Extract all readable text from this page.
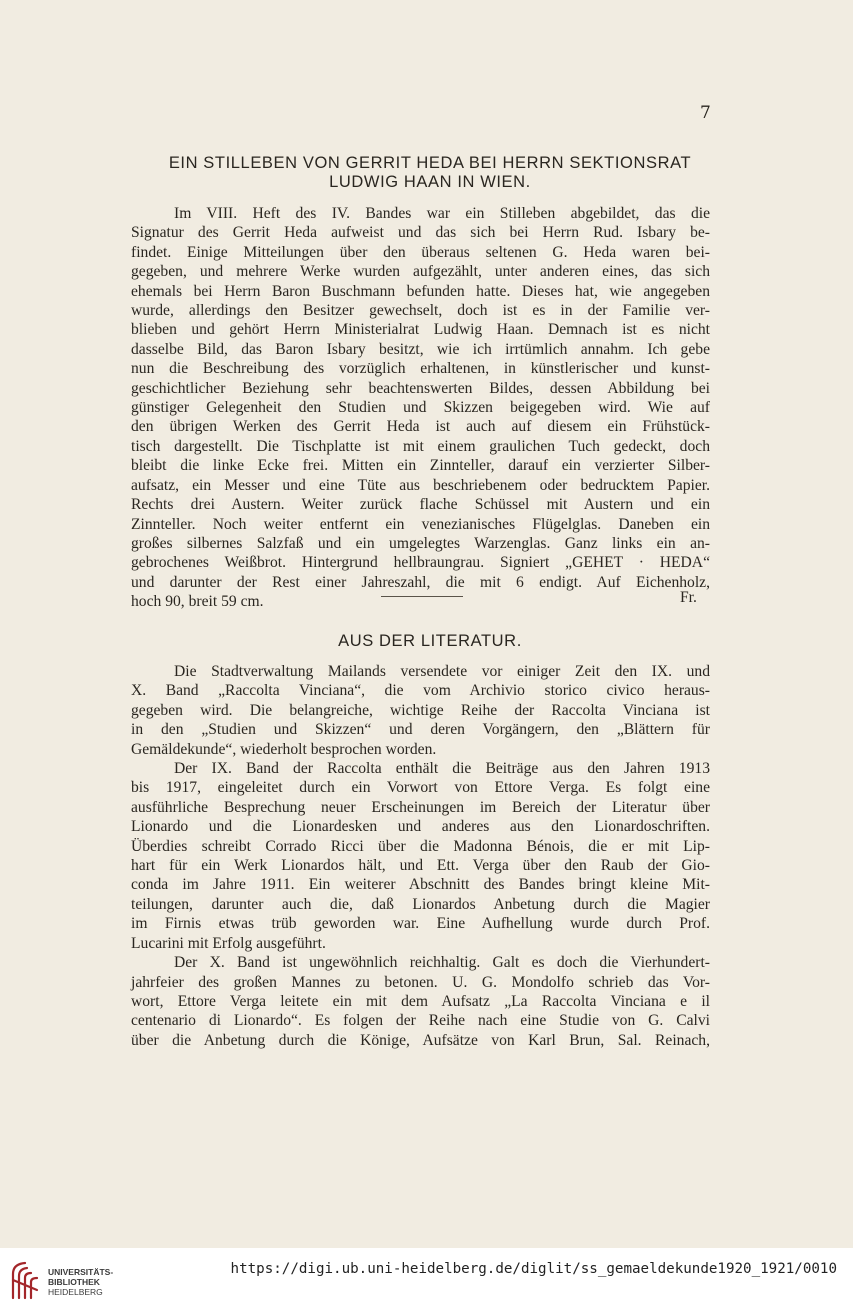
7
EIN STILLEBEN VON GERRIT HEDA BEI HERRN SEKTIONSRAT
LUDWIG HAAN IN WIEN.
Im VIII. Heft des IV. Bandes war ein Stilleben abgebildet, das die
Signatur des Gerrit Heda aufweist und das sich bei Herrn Rud. Isbary be-
findet. Einige Mitteilungen über den überaus seltenen G. Heda waren bei-
gegeben, und mehrere Werke wurden aufgezählt, unter anderen eines, das sich
ehemals bei Herrn Baron Buschmann befunden hatte. Dieses hat, wie angegeben
wurde, allerdings den Besitzer gewechselt, doch ist es in der Familie ver-
blieben und gehört Herrn Ministerialrat Ludwig Haan. Demnach ist es nicht
dasselbe Bild, das Baron Isbary besitzt, wie ich irrtümlich annahm. Ich gebe
nun die Beschreibung des vorzüglich erhaltenen, in künstlerischer und kunst-
geschichtlicher Beziehung sehr beachtenswerten Bildes, dessen Abbildung bei
günstiger Gelegenheit den Studien und Skizzen beigegeben wird. Wie auf
den übrigen Werken des Gerrit Heda ist auch auf diesem ein Frühstück-
tisch dargestellt. Die Tischplatte ist mit einem graulichen Tuch gedeckt, doch
bleibt die linke Ecke frei. Mitten ein Zinnteller, darauf ein verzierter Silber-
aufsatz, ein Messer und eine Tüte aus beschriebenem oder bedrucktem Papier.
Rechts drei Austern. Weiter zurück flache Schüssel mit Austern und ein
Zinnteller. Noch weiter entfernt ein venezianisches Flügelglas. Daneben ein
großes silbernes Salzfaß und ein umgelegtes Warzenglas. Ganz links ein an-
gebrochenes Weißbrot. Hintergrund hellbraungrau. Signiert „GEHET · HEDA“
und darunter der Rest einer Jahreszahl, die mit 6 endigt. Auf Eichenholz,
hoch 90, breit 59 cm.	Fr.
AUS DER LITERATUR.
Die Stadtverwaltung Mailands versendete vor einiger Zeit den IX. und
X. Band „Raccolta Vinciana“, die vom Archivio storico civico heraus-
gegeben wird. Die belangreiche, wichtige Reihe der Raccolta Vinciana ist
in den „Studien und Skizzen“ und deren Vorgängern, den „Blättern für
Gemäldekunde“, wiederholt besprochen worden.
Der IX. Band der Raccolta enthält die Beiträge aus den Jahren 1913
bis 1917, eingeleitet durch ein Vorwort von Ettore Verga. Es folgt eine
ausführliche Besprechung neuer Erscheinungen im Bereich der Literatur über
Lionardo und die Lionardesken und anderes aus den Lionardoschriften.
Überdies schreibt Corrado Ricci über die Madonna Bénois, die er mit Lip-
hart für ein Werk Lionardos hält, und Ett. Verga über den Raub der Gio-
conda im Jahre 1911. Ein weiterer Abschnitt des Bandes bringt kleine Mit-
teilungen, darunter auch die, daß Lionardos Anbetung durch die Magier
im Firnis etwas trüb geworden war. Eine Aufhellung wurde durch Prof.
Lucarini mit Erfolg ausgeführt.
Der X. Band ist ungewöhnlich reichhaltig. Galt es doch die Vierhundert-
jahrfeier des großen Mannes zu betonen. U. G. Mondolfo schrieb das Vor-
wort, Ettore Verga leitete ein mit dem Aufsatz „La Raccolta Vinciana e il
centenario di Lionardo“. Es folgen der Reihe nach eine Studie von G. Calvi
über die Anbetung durch die Könige, Aufsätze von Karl Brun, Sal. Reinach,
UNIVERSITÄTS-
BIBLIOTHEK
HEIDELBERG
https://digi.ub.uni-heidelberg.de/diglit/ss_gemaeldekunde1920_1921/0010
